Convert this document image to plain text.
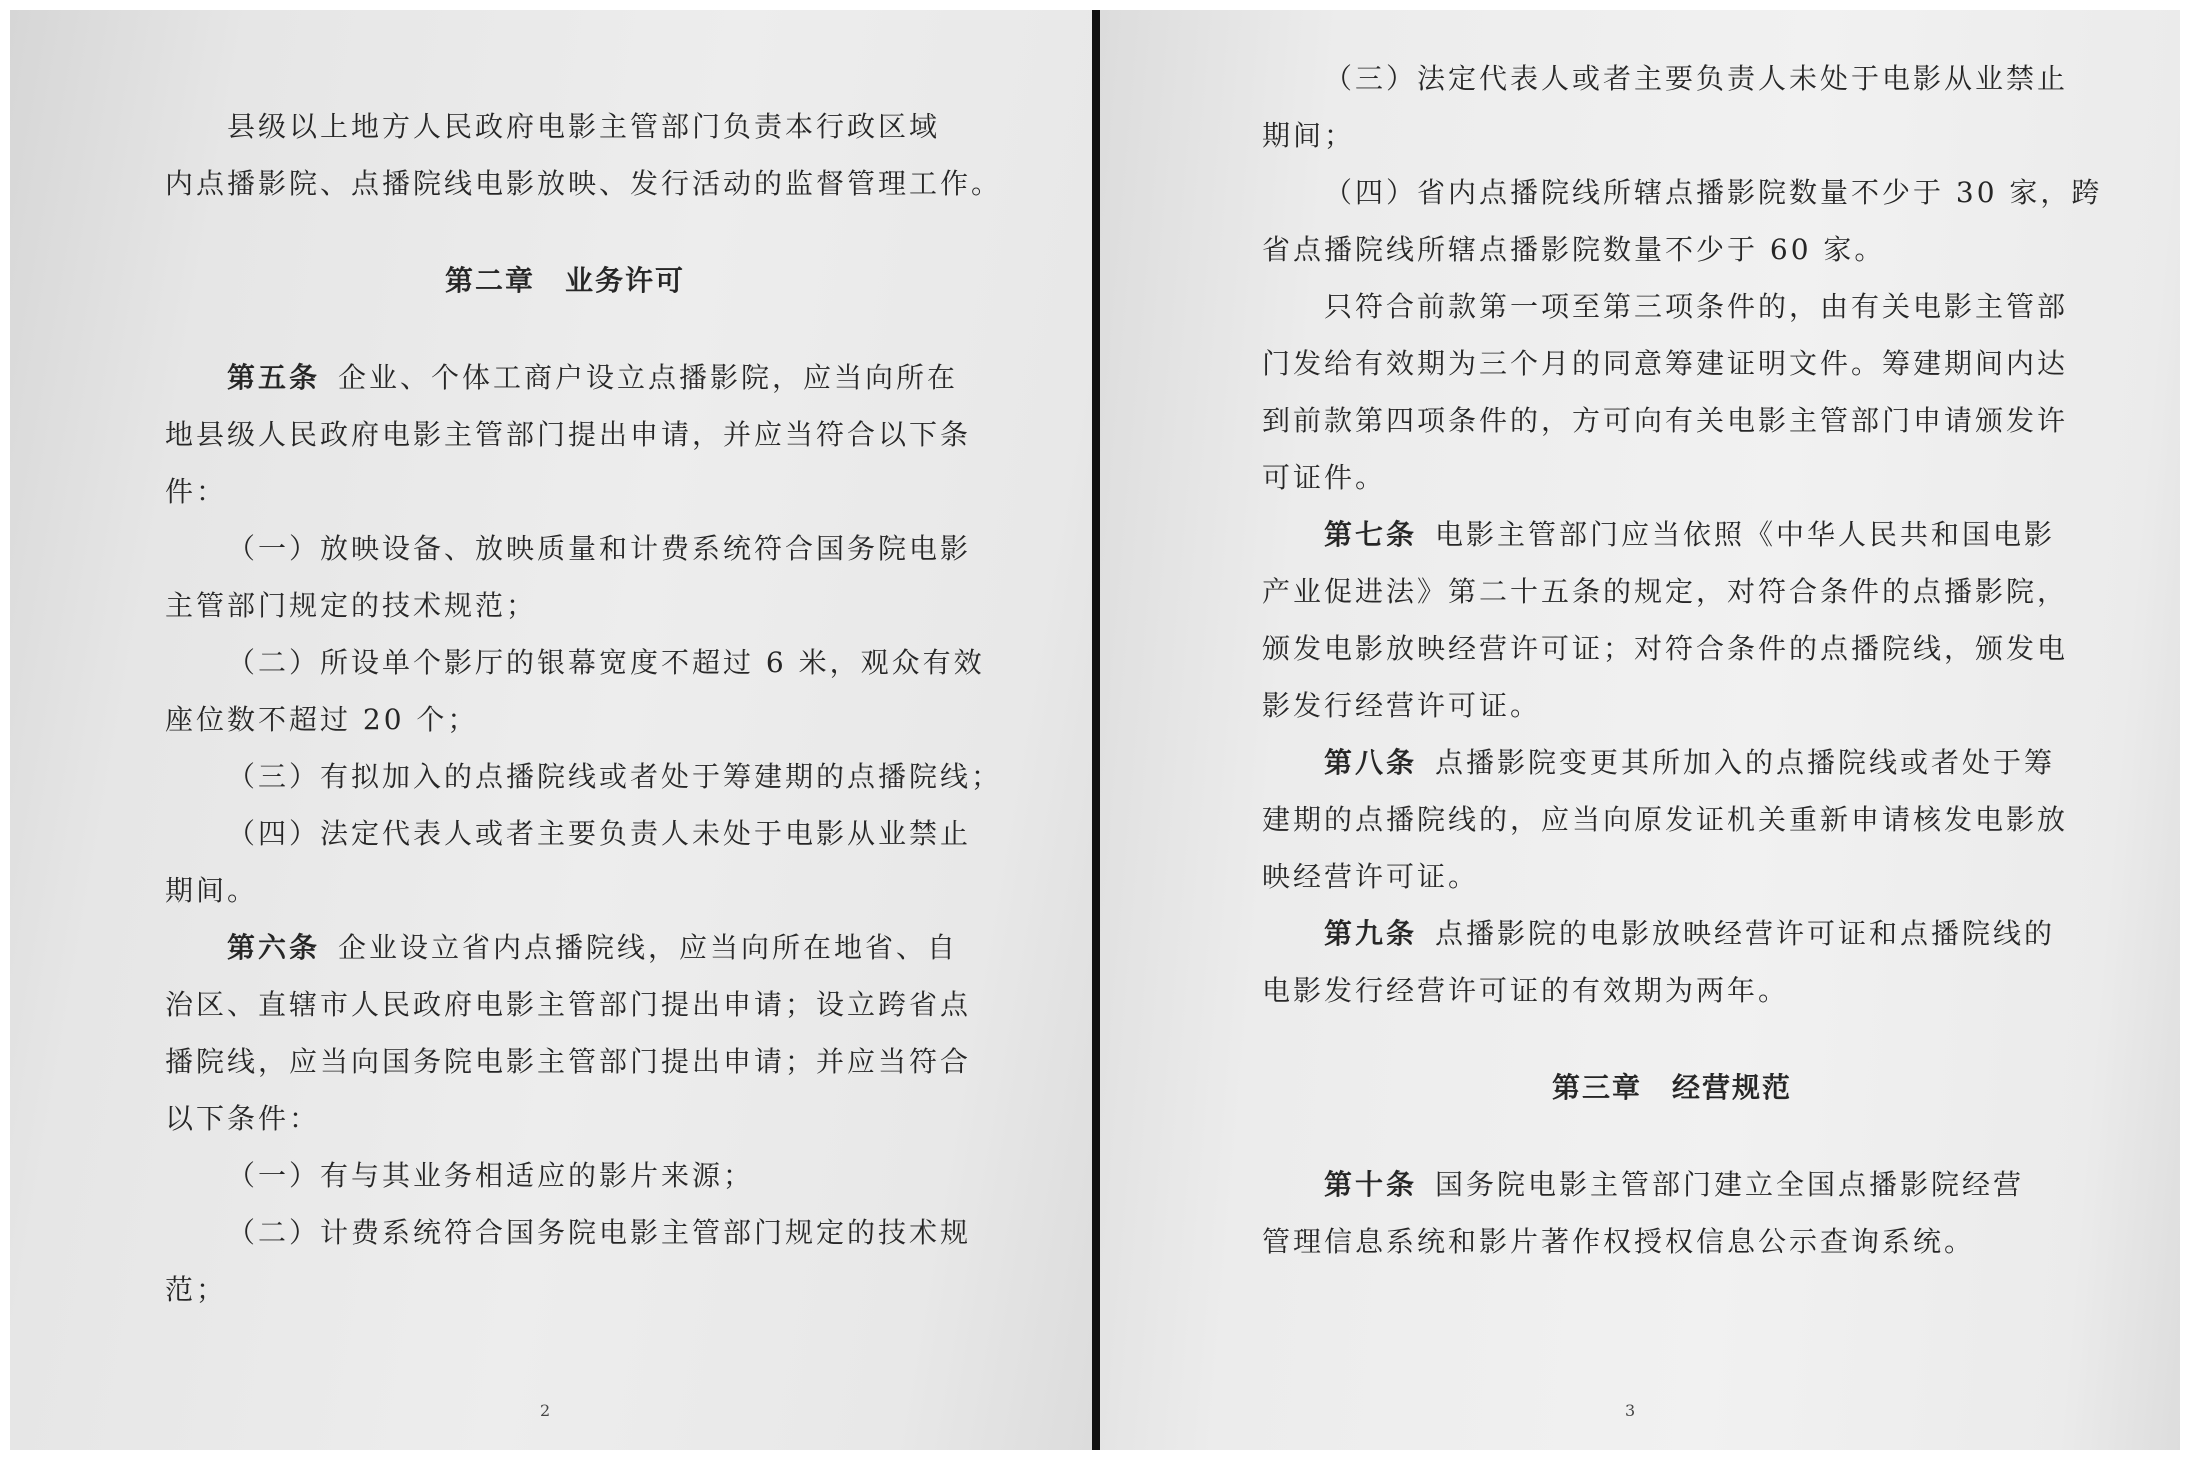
县级以上地方人民政府电影主管部门负责本行政区域
内点播影院、点播院线电影放映、发行活动的监督管理工作。
第二章　业务许可
第五条 企业、个体工商户设立点播影院，应当向所在
地县级人民政府电影主管部门提出申请，并应当符合以下条
件：
（一）放映设备、放映质量和计费系统符合国务院电影
主管部门规定的技术规范；
（二）所设单个影厅的银幕宽度不超过 6 米，观众有效
座位数不超过 20 个；
（三）有拟加入的点播院线或者处于筹建期的点播院线；
（四）法定代表人或者主要负责人未处于电影从业禁止
期间。
第六条 企业设立省内点播院线，应当向所在地省、自
治区、直辖市人民政府电影主管部门提出申请；设立跨省点
播院线，应当向国务院电影主管部门提出申请；并应当符合
以下条件：
（一）有与其业务相适应的影片来源；
（二）计费系统符合国务院电影主管部门规定的技术规
范；
2
（三）法定代表人或者主要负责人未处于电影从业禁止
期间；
（四）省内点播院线所辖点播影院数量不少于 30 家，跨
省点播院线所辖点播影院数量不少于 60 家。
只符合前款第一项至第三项条件的，由有关电影主管部
门发给有效期为三个月的同意筹建证明文件。筹建期间内达
到前款第四项条件的，方可向有关电影主管部门申请颁发许
可证件。
第七条 电影主管部门应当依照《中华人民共和国电影
产业促进法》第二十五条的规定，对符合条件的点播影院，
颁发电影放映经营许可证；对符合条件的点播院线，颁发电
影发行经营许可证。
第八条 点播影院变更其所加入的点播院线或者处于筹
建期的点播院线的，应当向原发证机关重新申请核发电影放
映经营许可证。
第九条 点播影院的电影放映经营许可证和点播院线的
电影发行经营许可证的有效期为两年。
第三章　经营规范
第十条 国务院电影主管部门建立全国点播影院经营
管理信息系统和影片著作权授权信息公示查询系统。
3
